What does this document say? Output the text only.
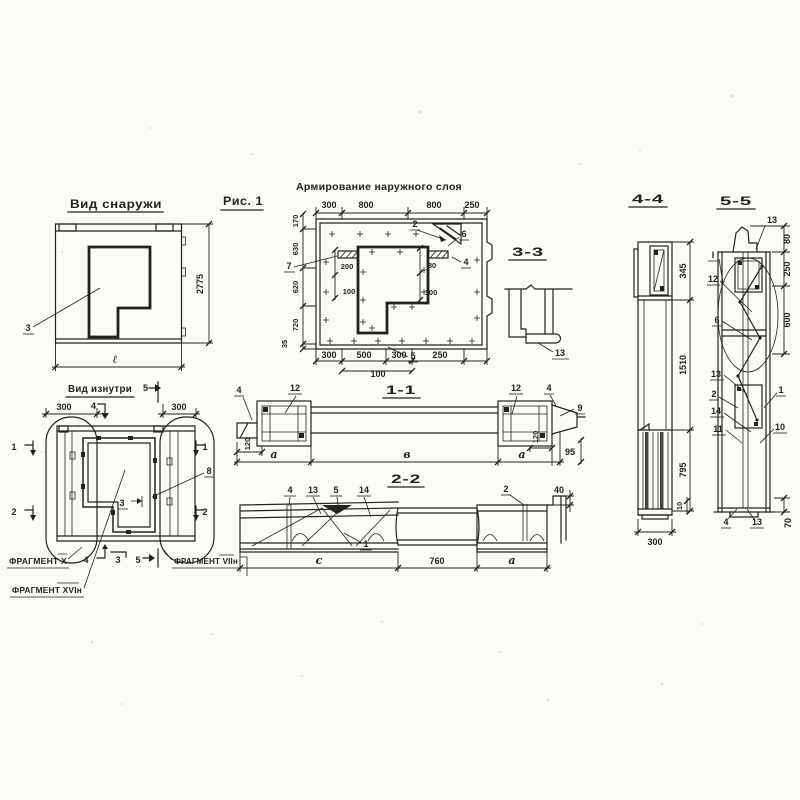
Рис. 1
Вид снаружи
3
2775
ℓ
Армирование наружного слоя
300 800	800	250
170
630
620
720
35
200
100
80
100
300 500 300	250
100
7
2
6
4
5
3-3
13
4-4
345
1510
795
10
300
5-5
80
250
600
70
13
I
12
6
13
2
14
11
1
10
4	13
Вид изнутри 5
4
300	300
3
8
1
2
1
2
4	3 5
ФРАГМЕНТ X	ФРАГМЕНТ VIIн
ФРАГМЕНТ XVIн
1-1
4	12	12	4
9
120
120
a	в	a	95
2-2
4 13 5 14
1
2	40
c	760	a
